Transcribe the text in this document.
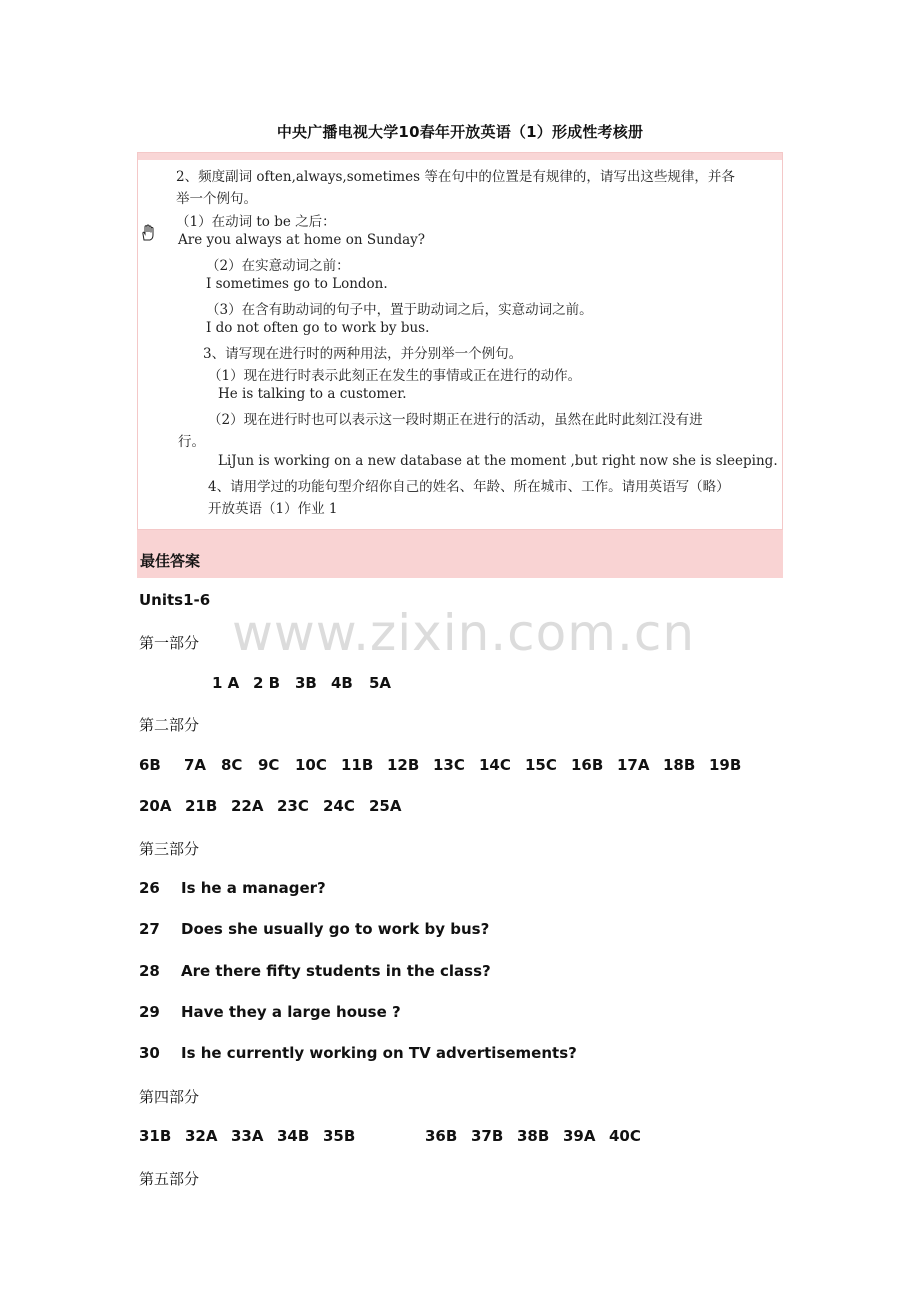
中央广播电视大学10春年开放英语（1）形成性考核册
2、频度副词 often,always,sometimes 等在句中的位置是有规律的，请写出这些规律，并各
举一个例句。
（1）在动词 to be 之后：
Are you always at home on Sunday?
（2）在实意动词之前：
I sometimes go to London.
（3）在含有助动词的句子中，置于助动词之后，实意动词之前。
I do not often go to work by bus.
3、请写现在进行时的两种用法，并分别举一个例句。
（1）现在进行时表示此刻正在发生的事情或正在进行的动作。
He is talking to a customer.
（2）现在进行时也可以表示这一段时期正在进行的活动，虽然在此时此刻江没有进
行。
LiJun is working on a new database at the moment ,but right now she is sleeping.
4、请用学过的功能句型介绍你自己的姓名、年龄、所在城市、工作。请用英语写（略）
开放英语（1）作业 1
最佳答案
www.zixin.com.cn
Units1-6
第一部分
1 A 2 B 3B 4B 5A
第二部分
6B 7A 8C 9C 10C 11B 12B 13C 14C 15C 16B 17A 18B 19B
20A 21B 22A 23C 24C 25A
第三部分
26 Is he a manager?
27 Does she usually go to work by bus?
28 Are there fifty students in the class?
29 Have they a large house ?
30 Is he currently working on TV advertisements?
第四部分
31B 32A 33A 34B 35B	36B 37B 38B 39A 40C
第五部分
